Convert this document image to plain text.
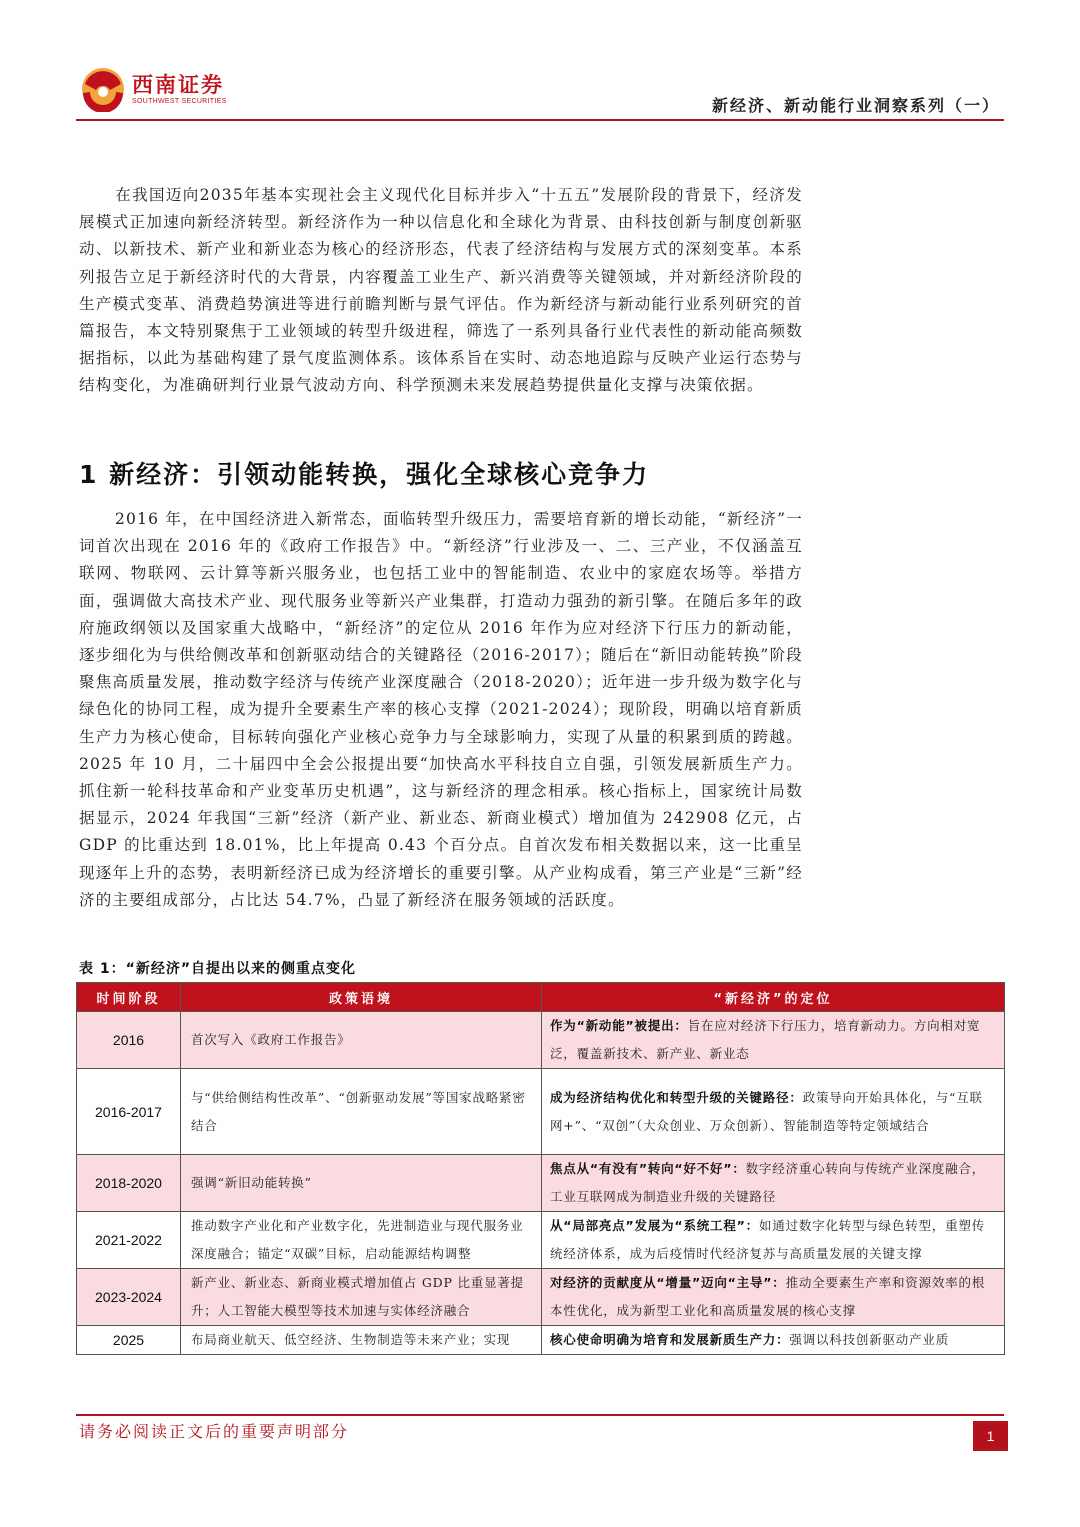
西南证券
SOUTHWEST SECURITIES	新经济、新动能行业洞察系列（一）

在我国迈向2035年基本实现社会主义现代化目标并步入“十五五”发展阶段的背景下，经济发展模式正加速向新经济转型。新经济作为一种以信息化和全球化为背景、由科技创新与制度创新驱动、以新技术、新产业和新业态为核心的经济形态，代表了经济结构与发展方式的深刻变革。本系列报告立足于新经济时代的大背景，内容覆盖工业生产、新兴消费等关键领域，并对新经济阶段的生产模式变革、消费趋势演进等进行前瞻判断与景气评估。作为新经济与新动能行业系列研究的首篇报告，本文特别聚焦于工业领域的转型升级进程，筛选了一系列具备行业代表性的新动能高频数据指标，以此为基础构建了景气度监测体系。该体系旨在实时、动态地追踪与反映产业运行态势与结构变化，为准确研判行业景气波动方向、科学预测未来发展趋势提供量化支撑与决策依据。

1 新经济：引领动能转换，强化全球核心竞争力

2016 年，在中国经济进入新常态，面临转型升级压力，需要培育新的增长动能，“新经济”一词首次出现在 2016 年的《政府工作报告》中。“新经济”行业涉及一、二、三产业，不仅涵盖互联网、物联网、云计算等新兴服务业，也包括工业中的智能制造、农业中的家庭农场等。举措方面，强调做大高技术产业、现代服务业等新兴产业集群，打造动力强劲的新引擎。在随后多年的政府施政纲领以及国家重大战略中，“新经济”的定位从 2016 年作为应对经济下行压力的新动能，逐步细化为与供给侧改革和创新驱动结合的关键路径（2016-2017）；随后在“新旧动能转换”阶段聚焦高质量发展，推动数字经济与传统产业深度融合（2018-2020）；近年进一步升级为数字化与绿色化的协同工程，成为提升全要素生产率的核心支撑（2021-2024）；现阶段，明确以培育新质生产力为核心使命，目标转向强化产业核心竞争力与全球影响力，实现了从量的积累到质的跨越。2025 年 10 月，二十届四中全会公报提出要“加快高水平科技自立自强，引领发展新质生产力。抓住新一轮科技革命和产业变革历史机遇”，这与新经济的理念相承。核心指标上，国家统计局数据显示，2024 年我国“三新”经济（新产业、新业态、新商业模式）增加值为 242908 亿元，占 GDP 的比重达到 18.01%，比上年提高 0.43 个百分点。自首次发布相关数据以来，这一比重呈现逐年上升的态势，表明新经济已成为经济增长的重要引擎。从产业构成看，第三产业是“三新”经济的主要组成部分，占比达 54.7%，凸显了新经济在服务领域的活跃度。

表 1：“新经济”自提出以来的侧重点变化
时间阶段	政策语境	“新经济”的定位
2016	首次写入《政府工作报告》	作为“新动能”被提出：旨在应对经济下行压力，培育新动力。方向相对宽泛，覆盖新技术、新产业、新业态
2016-2017	与“供给侧结构性改革”、“创新驱动发展”等国家战略紧密结合	成为经济结构优化和转型升级的关键路径：政策导向开始具体化，与“互联网+”、“双创”（大众创业、万众创新）、智能制造等特定领域结合
2018-2020	强调“新旧动能转换”	焦点从“有没有”转向“好不好”：数字经济重心转向与传统产业深度融合，工业互联网成为制造业升级的关键路径
2021-2022	推动数字产业化和产业数字化，先进制造业与现代服务业深度融合；锚定“双碳”目标，启动能源结构调整	从“局部亮点”发展为“系统工程”：如通过数字化转型与绿色转型，重塑传统经济体系，成为后疫情时代经济复苏与高质量发展的关键支撑
2023-2024	新产业、新业态、新商业模式增加值占 GDP 比重显著提升；人工智能大模型等技术加速与实体经济融合	对经济的贡献度从“增量”迈向“主导”：推动全要素生产率和资源效率的根本性优化，成为新型工业化和高质量发展的核心支撑
2025	布局商业航天、低空经济、生物制造等未来产业；实现	核心使命明确为培育和发展新质生产力：强调以科技创新驱动产业质
请务必阅读正文后的重要声明部分	1
